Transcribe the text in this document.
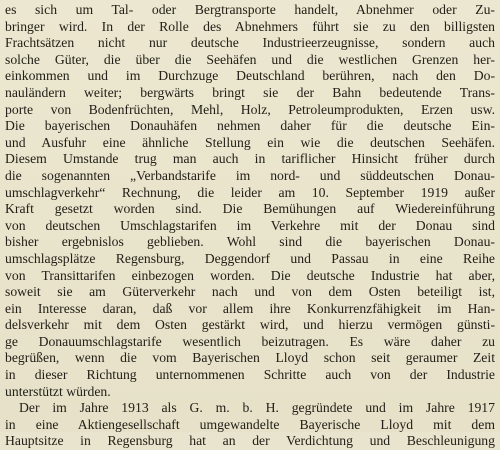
es sich um Tal- oder Bergtransporte handelt, Abnehmer oder Zu-
bringer wird. In der Rolle des Abnehmers führt sie zu den billigsten
Frachtsätzen nicht nur deutsche Industrieerzeugnisse, sondern auch
solche Güter, die über die Seehäfen und die westlichen Grenzen her-
einkommen und im Durchzuge Deutschland berühren, nach den Do-
nauländern weiter; bergwärts bringt sie der Bahn bedeutende Trans-
porte von Bodenfrüchten, Mehl, Holz, Petroleumprodukten, Erzen usw.
Die bayerischen Donauhäfen nehmen daher für die deutsche Ein-
und Ausfuhr eine ähnliche Stellung ein wie die deutschen Seehäfen.
Diesem Umstande trug man auch in tariflicher Hinsicht früher durch
die sogenannten „Verbandstarife im nord- und süddeutschen Donau-
umschlagverkehr“ Rechnung, die leider am 10. September 1919 außer
Kraft gesetzt worden sind. Die Bemühungen auf Wiedereinführung
von deutschen Umschlagstarifen im Verkehre mit der Donau sind
bisher ergebnislos geblieben. Wohl sind die bayerischen Donau-
umschlagsplätze Regensburg, Deggendorf und Passau in eine Reihe
von Transittarifen einbezogen worden. Die deutsche Industrie hat aber,
soweit sie am Güterverkehr nach und von dem Osten beteiligt ist,
ein Interesse daran, daß vor allem ihre Konkurrenzfähigkeit im Han-
delsverkehr mit dem Osten gestärkt wird, und hierzu vermögen günsti-
ge Donauumschlagstarife wesentlich beizutragen. Es wäre daher zu
begrüßen, wenn die vom Bayerischen Lloyd schon seit geraumer Zeit
in dieser Richtung unternommenen Schritte auch von der Industrie
unterstützt würden.
Der im Jahre 1913 als G. m. b. H. gegründete und im Jahre 1917
in eine Aktiengesellschaft umgewandelte Bayerische Lloyd mit dem
Hauptsitze in Regensburg hat an der Verdichtung und Beschleunigung
